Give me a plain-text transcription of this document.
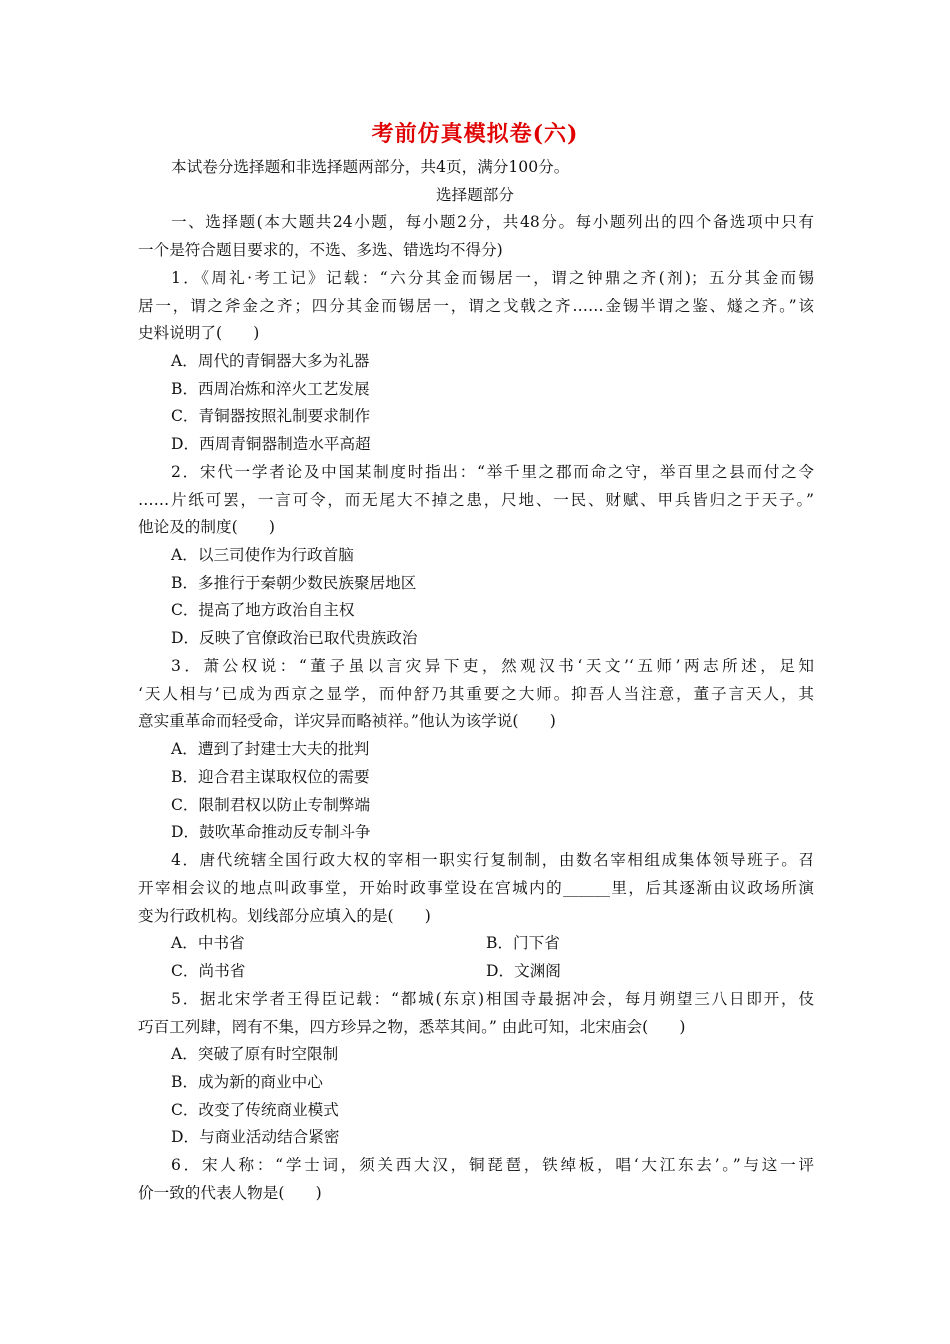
考前仿真模拟卷(六)
本试卷分选择题和非选择题两部分，共4页，满分100分。
选择题部分
一、选择题(本大题共24小题，每小题2分，共48分。每小题列出的四个备选项中只有
一个是符合题目要求的，不选、多选、错选均不得分)
1．《周礼·考工记》记载：“六分其金而锡居一，谓之钟鼎之齐(剂)；五分其金而锡
居一，谓之斧金之齐；四分其金而锡居一，谓之戈戟之齐……金锡半谓之鉴、燧之齐。”该
史料说明了(　　)
A．周代的青铜器大多为礼器
B．西周冶炼和淬火工艺发展
C．青铜器按照礼制要求制作
D．西周青铜器制造水平高超
2．宋代一学者论及中国某制度时指出：“举千里之郡而命之守，举百里之县而付之令
……片纸可罢，一言可令，而无尾大不掉之患，尺地、一民、财赋、甲兵皆归之于天子。”
他论及的制度(　　)
A．以三司使作为行政首脑
B．多推行于秦朝少数民族聚居地区
C．提高了地方政治自主权
D．反映了官僚政治已取代贵族政治
3．萧公权说：“董子虽以言灾异下吏，然观汉书‘天文’‘五师’两志所述，足知
‘天人相与’已成为西京之显学，而仲舒乃其重要之大师。抑吾人当注意，董子言天人，其
意实重革命而轻受命，详灾异而略祯祥。”他认为该学说(　　)
A．遭到了封建士大夫的批判
B．迎合君主谋取权位的需要
C．限制君权以防止专制弊端
D．鼓吹革命推动反专制斗争
4．唐代统辖全国行政大权的宰相一职实行复制制，由数名宰相组成集体领导班子。召
开宰相会议的地点叫政事堂，开始时政事堂设在宫城内的______里，后其逐渐由议政场所演
变为行政机构。划线部分应填入的是(　　)
A．中书省	B．门下省
C．尚书省	D．文渊阁
5．据北宋学者王得臣记载：“都城(东京)相国寺最据冲会，每月朔望三八日即开，伎
巧百工列肆，罔有不集，四方珍异之物，悉萃其间。” 由此可知，北宋庙会(　　)
A．突破了原有时空限制
B．成为新的商业中心
C．改变了传统商业模式
D．与商业活动结合紧密
6．宋人称：“学士词，须关西大汉，铜琵琶，铁绰板，唱‘大江东去’。”与这一评
价一致的代表人物是(　　)
